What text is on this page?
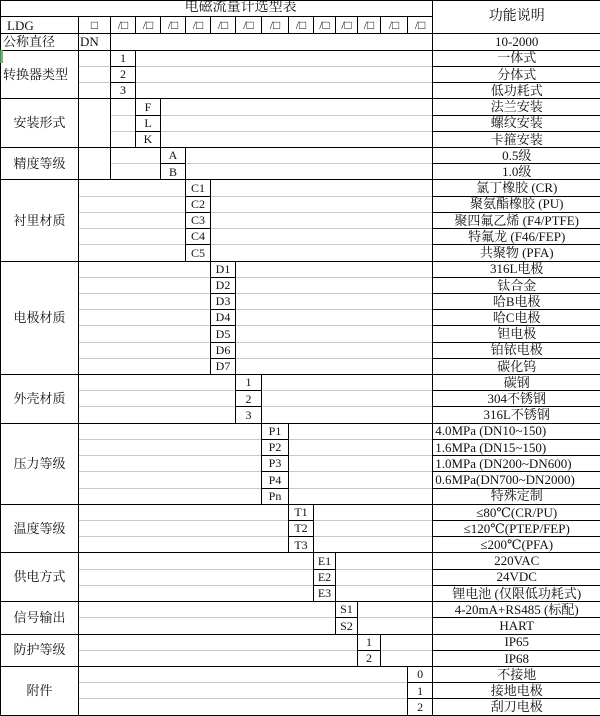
电磁流量计选型表															功能说明
LDG	□	/□	/□	/□	/□	/□	/□	/□	/□	/□	/□	/□	/□	/□	
公称直径	DN														10-2000
转换器类型		1													一体式
		2													分体式
		3													低功耗式
安装形式			F												法兰安装
			L												螺纹安装
			K												卡箍安装
精度等级				A											0.5级
				B											1.0级
衬里材质					C1										氯丁橡胶 (CR)
					C2										聚氨酯橡胶 (PU)
					C3										聚四氟乙烯 (F4/PTFE)
					C4										特氟龙 (F46/FEP)
					C5										共聚物 (PFA)
电极材质						D1									316L电极
						D2									钛合金
						D3									哈B电极
						D4									哈C电极
						D5									钽电极
						D6									铂铱电极
						D7									碳化钨
外壳材质							1								碳钢
							2								304不锈钢
							3								316L不锈钢
压力等级								P1							4.0MPa (DN10~150)
								P2							1.6MPa (DN15~150)
								P3							1.0MPa (DN200~DN600)
								P4							0.6MPa(DN700~DN2000)
								Pn							特殊定制
温度等级									T1						≤80℃(CR/PU)
									T2						≤120℃(PTEP/FEP)
									T3						≤200℃(PFA)
供电方式										E1					220VAC
										E2					24VDC
										E3					锂电池 (仅限低功耗式)
信号输出											S1				4-20mA+RS485 (标配)
											S2				HART
防护等级												1			IP65
												2			IP68
附件														0	不接地
														1	接地电极
														2	刮刀电极
